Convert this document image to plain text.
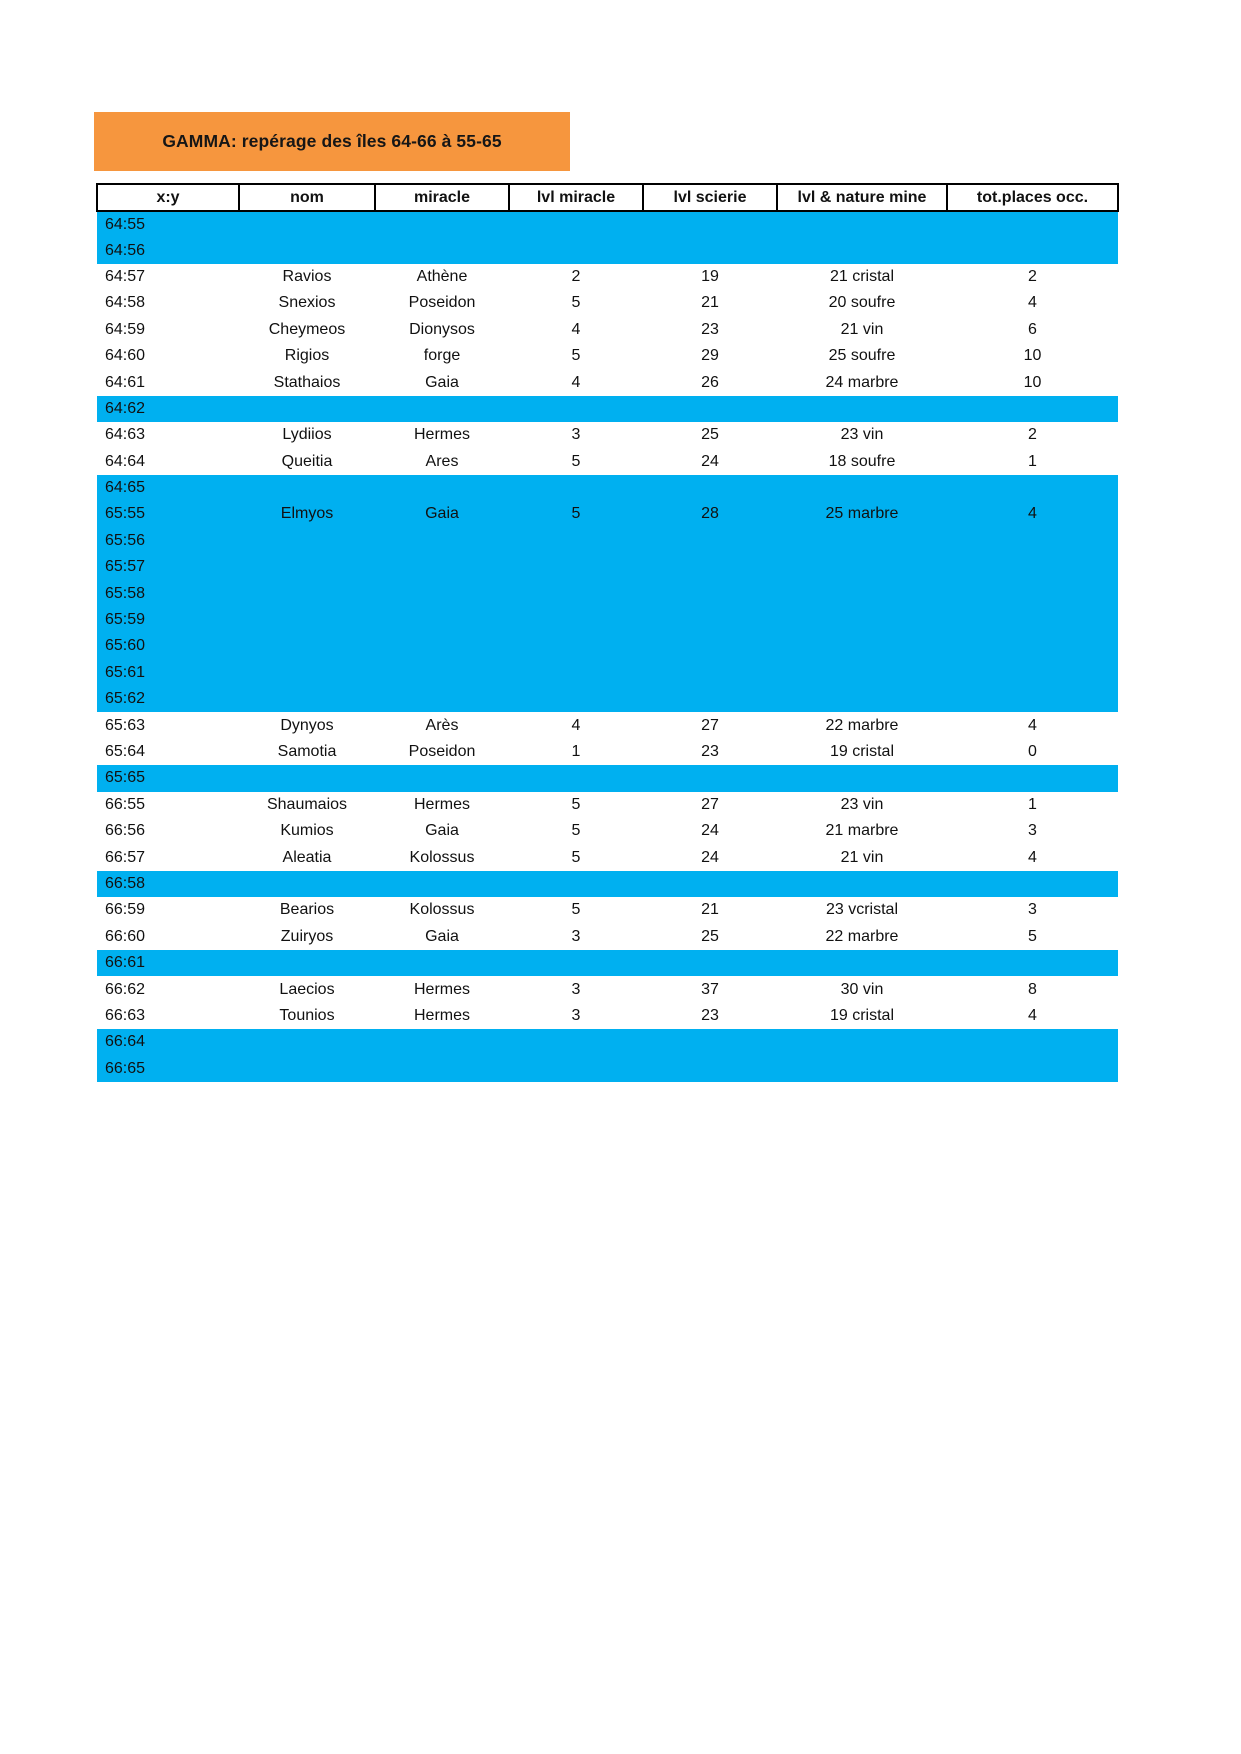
GAMMA: repérage des îles 64-66 à 55-65
x:y	nom	miracle	lvl miracle	lvl scierie	lvl & nature mine	tot.places occ.
64:55						
64:56						
64:57	Ravios	Athène	2	19	21 cristal	2
64:58	Snexios	Poseidon	5	21	20 soufre	4
64:59	Cheymeos	Dionysos	4	23	21 vin	6
64:60	Rigios	forge	5	29	25 soufre	10
64:61	Stathaios	Gaia	4	26	24 marbre	10
64:62						
64:63	Lydiios	Hermes	3	25	23 vin	2
64:64	Queitia	Ares	5	24	18 soufre	1
64:65						
65:55	Elmyos	Gaia	5	28	25 marbre	4
65:56						
65:57						
65:58						
65:59						
65:60						
65:61						
65:62						
65:63	Dynyos	Arès	4	27	22 marbre	4
65:64	Samotia	Poseidon	1	23	19 cristal	0
65:65						
66:55	Shaumaios	Hermes	5	27	23 vin	1
66:56	Kumios	Gaia	5	24	21 marbre	3
66:57	Aleatia	Kolossus	5	24	21 vin	4
66:58						
66:59	Bearios	Kolossus	5	21	23 vcristal	3
66:60	Zuiryos	Gaia	3	25	22 marbre	5
66:61						
66:62	Laecios	Hermes	3	37	30 vin	8
66:63	Tounios	Hermes	3	23	19 cristal	4
66:64						
66:65						
